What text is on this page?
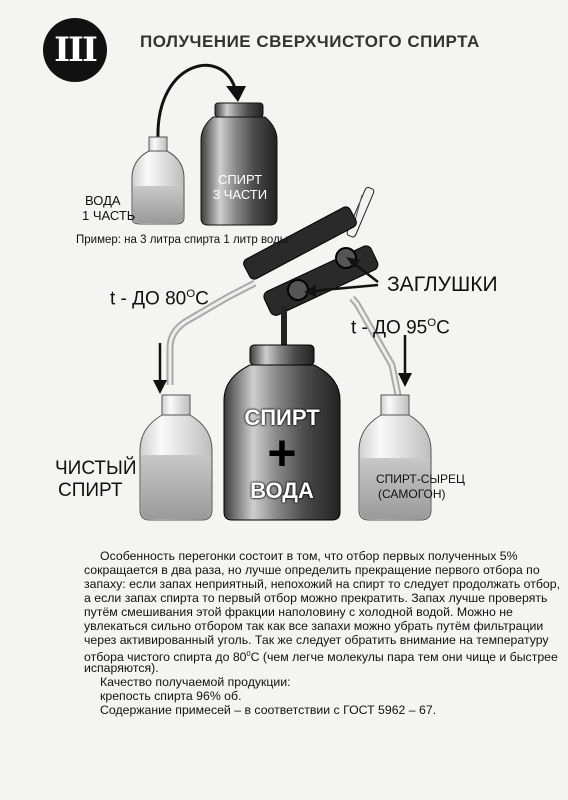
III	ПОЛУЧЕНИЕ СВЕРХЧИСТОГО СПИРТА
ВОДА
1 ЧАСТЬ
СПИРТ
3 ЧАСТИ
Пример: на 3 литра спирта 1 литр воды.
t - ДО $80^OC$
ЗАГЛУШКИ
t - ДО $95^OC$
ЧИСТЫЙ
СПИРТ
СПИРТ
+
ВОДА	СПИРТ-СЫРЕЦ
(САМОГОН)
Особенность перегонки состоит в том, что отбор первых полученных 5%
сокращается в два раза, но лучше определить прекращение первого отбора по
запаху: если запах неприятный, непохожий на спирт то следует продолжать отбор,
а если запах спирта то первый отбор можно прекратить. Запах лучше проверять
путём смешивания этой фракции наполовину с холодной водой. Можно не
увлекаться сильно отбором так как все запахи можно убрать путём фильтрации
через активированный уголь. Так же следует обратить внимание на температуру
отбора чистого спирта до $80^0С$ (чем легче молекулы пара тем они чище и быстрее
испаряются).
Качество получаемой продукции:
крепость спирта 96% об.
Содержание примесей – в соответствии с ГОСТ 5962 – 67.
